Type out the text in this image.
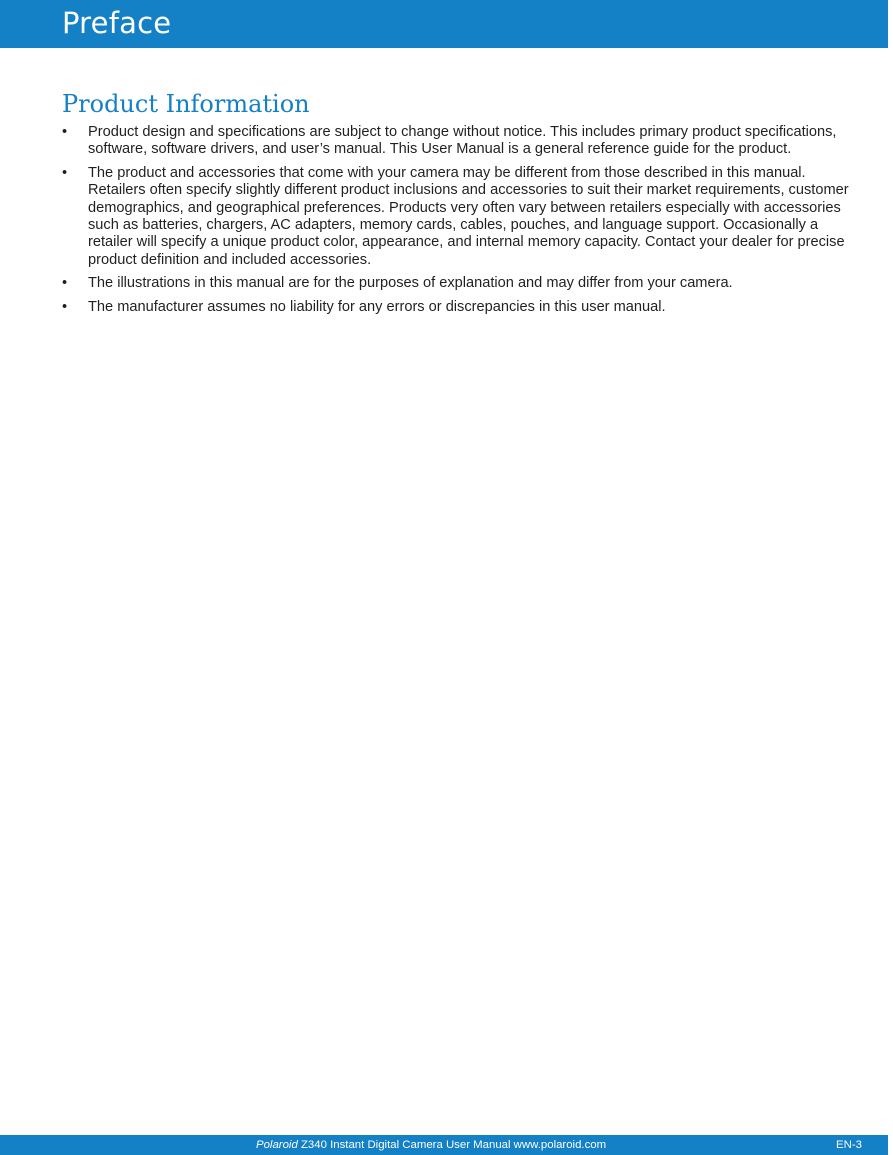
Preface
Product Information
•	Product design and specifications are subject to change without notice. This includes primary product specifications, software, software drivers, and user’s manual. This User Manual is a general reference guide for the product.
•	The product and accessories that come with your camera may be different from those described in this manual. Retailers often specify slightly different product inclusions and accessories to suit their market requirements, customer demographics, and geographical preferences. Products very often vary between retailers especially with accessories such as batteries, chargers, AC adapters, memory cards, cables, pouches, and language support. Occasionally a retailer will specify a unique product color, appearance, and internal memory capacity. Contact your dealer for precise product definition and included accessories.
•	The illustrations in this manual are for the purposes of explanation and may differ from your camera.
•	The manufacturer assumes no liability for any errors or discrepancies in this user manual.
Polaroid Z340 Instant Digital Camera User Manual www.polaroid.com	EN-3
